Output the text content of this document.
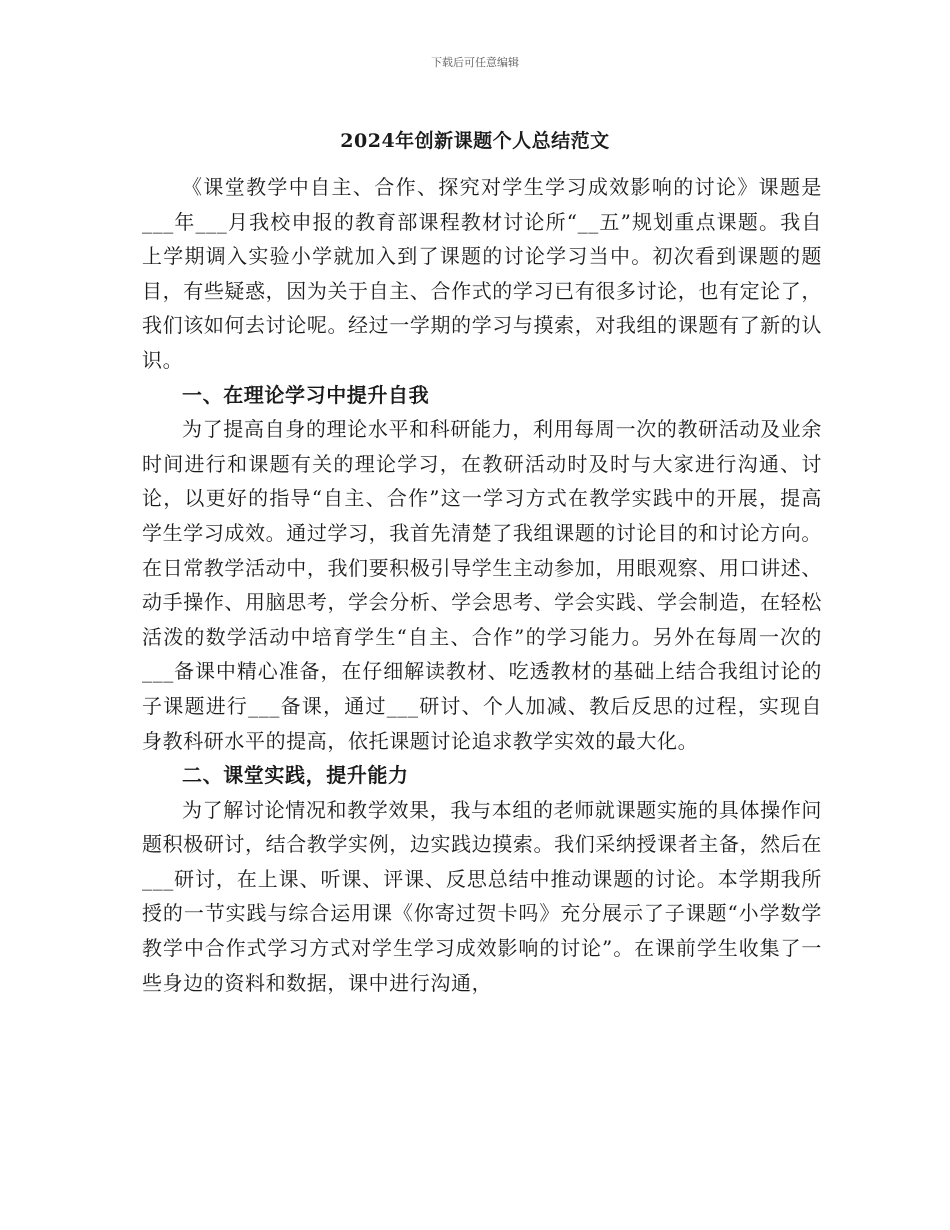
下载后可任意编辑
2024年创新课题个人总结范文

《课堂教学中自主、合作、探究对学生学习成效影响的讨论》课题是___年___月我校申报的教育部课程教材讨论所“__五”规划重点课题。我自上学期调入实验小学就加入到了课题的讨论学习当中。初次看到课题的题目，有些疑惑，因为关于自主、合作式的学习已有很多讨论，也有定论了，我们该如何去讨论呢。经过一学期的学习与摸索，对我组的课题有了新的认识。

一、在理论学习中提升自我

为了提高自身的理论水平和科研能力，利用每周一次的教研活动及业余时间进行和课题有关的理论学习，在教研活动时及时与大家进行沟通、讨论，以更好的指导“自主、合作”这一学习方式在教学实践中的开展，提高学生学习成效。通过学习，我首先清楚了我组课题的讨论目的和讨论方向。在日常教学活动中，我们要积极引导学生主动参加，用眼观察、用口讲述、动手操作、用脑思考，学会分析、学会思考、学会实践、学会制造，在轻松活泼的数学活动中培育学生“自主、合作”的学习能力。另外在每周一次的___备课中精心准备，在仔细解读教材、吃透教材的基础上结合我组讨论的子课题进行___备课，通过___研讨、个人加减、教后反思的过程，实现自身教科研水平的提高，依托课题讨论追求教学实效的最大化。

二、课堂实践，提升能力

为了解讨论情况和教学效果，我与本组的老师就课题实施的具体操作问题积极研讨，结合教学实例，边实践边摸索。我们采纳授课者主备，然后在___研讨，在上课、听课、评课、反思总结中推动课题的讨论。本学期我所授的一节实践与综合运用课《你寄过贺卡吗》充分展示了子课题“小学数学教学中合作式学习方式对学生学习成效影响的讨论”。在课前学生收集了一些身边的资料和数据，课中进行沟通，
